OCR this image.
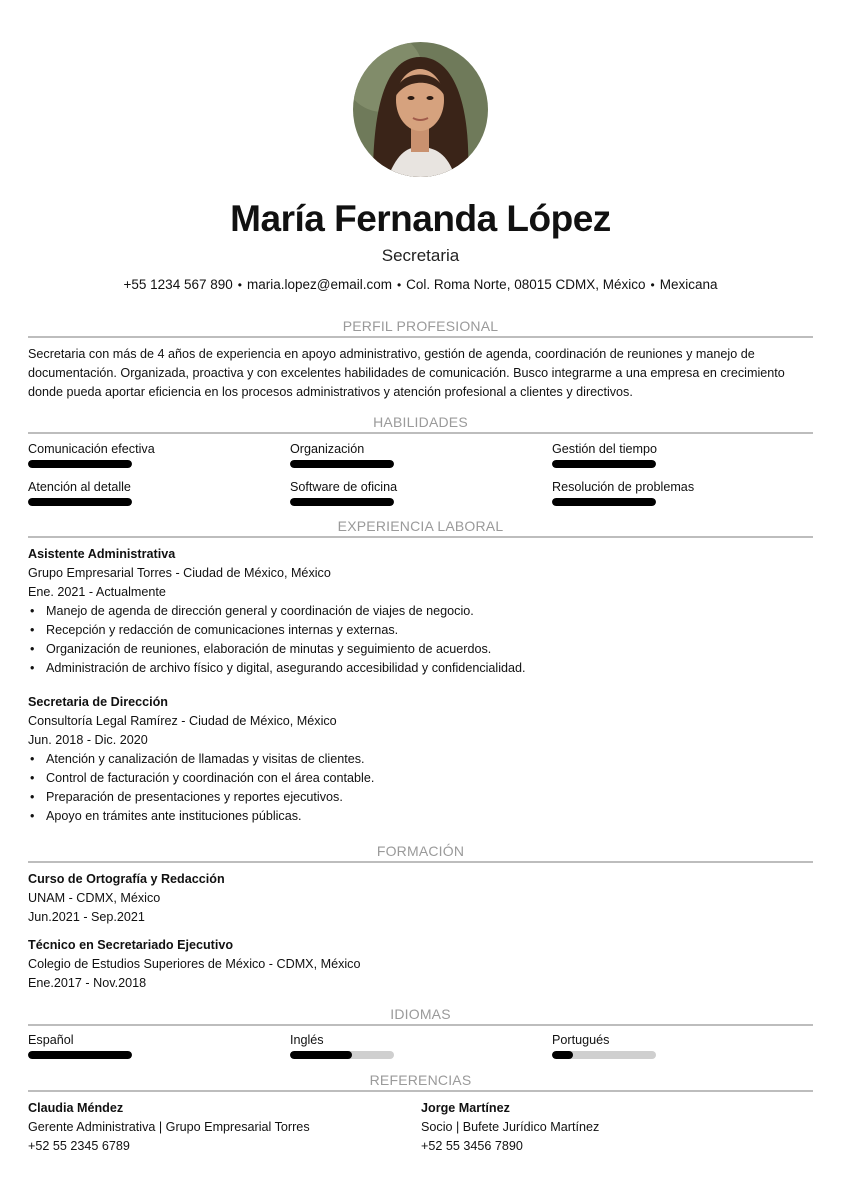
María Fernanda López
Secretaria
+55 1234 567 890 • maria.lopez@email.com • Col. Roma Norte, 08015 CDMX, México • Mexicana
PERFIL PROFESIONAL
Secretaria con más de 4 años de experiencia en apoyo administrativo, gestión de agenda, coordinación de reuniones y manejo de documentación. Organizada, proactiva y con excelentes habilidades de comunicación. Busco integrarme a una empresa en crecimiento donde pueda aportar eficiencia en los procesos administrativos y atención profesional a clientes y directivos.
HABILIDADES
Comunicación efectiva	Organización	Gestión del tiempo
Atención al detalle	Software de oficina	Resolución de problemas
EXPERIENCIA LABORAL
Asistente Administrativa
Grupo Empresarial Torres - Ciudad de México, México
Ene. 2021 - Actualmente
• Manejo de agenda de dirección general y coordinación de viajes de negocio.
• Recepción y redacción de comunicaciones internas y externas.
• Organización de reuniones, elaboración de minutas y seguimiento de acuerdos.
• Administración de archivo físico y digital, asegurando accesibilidad y confidencialidad.
Secretaria de Dirección
Consultoría Legal Ramírez - Ciudad de México, México
Jun. 2018 - Dic. 2020
• Atención y canalización de llamadas y visitas de clientes.
• Control de facturación y coordinación con el área contable.
• Preparación de presentaciones y reportes ejecutivos.
• Apoyo en trámites ante instituciones públicas.
FORMACIÓN
Curso de Ortografía y Redacción
UNAM - CDMX, México
Jun.2021 - Sep.2021
Técnico en Secretariado Ejecutivo
Colegio de Estudios Superiores de México - CDMX, México
Ene.2017 - Nov.2018
IDIOMAS
Español	Inglés	Portugués
REFERENCIAS
Claudia Méndez
Gerente Administrativa | Grupo Empresarial Torres
+52 55 2345 6789
Jorge Martínez
Socio | Bufete Jurídico Martínez
+52 55 3456 7890
